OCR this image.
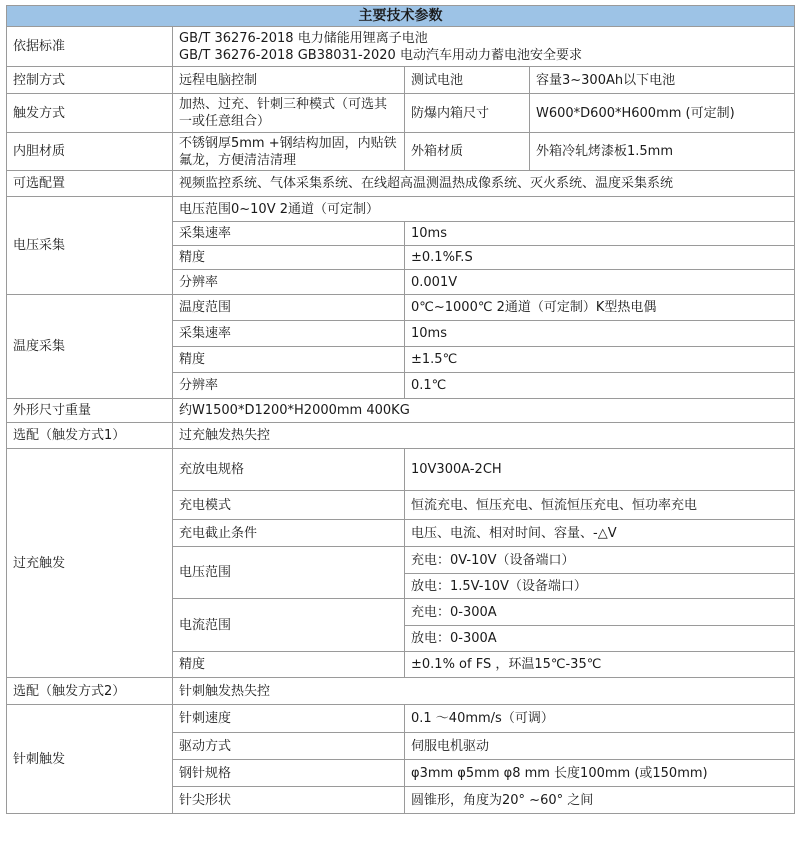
主要技术参数			
依据标准	GB/T 36276-2018 电力储能用锂离子电池
GB/T 36276-2018 GB38031-2020 电动汽车用动力蓄电池安全要求		

控制方式	远程电脑控制	测试电池	容量3~300Ah以下电池
触发方式	加热、过充、针刺三种模式（可选其一或任意组合）	防爆内箱尺寸	W600*D600*H600mm (可定制)
内胆材质	不锈钢厚5mm +钢结构加固，内贴铁氟龙，方便清洁清理	外箱材质	外箱冷轧烤漆板1.5mm
可选配置	视频监控系统、气体采集系统、在线超高温测温热成像系统、灭火系统、温度采集系统		
电压采集	电压范围0~10V 2通道（可定制）		
	采集速率	10ms	
	精度	±0.1%F.S	
	分辨率	0.001V	
温度采集	温度范围	0℃~1000℃ 2通道（可定制）K型热电偶	
	采集速率	10ms	
	精度	±1.5℃	
	分辨率	0.1℃	
外形尺寸重量	约W1500*D1200*H2000mm 400KG		
选配（触发方式1）	过充触发热失控		
过充触发	充放电规格	10V300A-2CH	
	充电模式	恒流充电、恒压充电、恒流恒压充电、恒功率充电	
	充电截止条件	电压、电流、相对时间、容量、-△V	
	电压范围	充电：0V-10V（设备端口）	
		放电：1.5V-10V（设备端口）	
	电流范围	充电：0-300A	
		放电：0-300A	
	精度	±0.1% of FS ，环温15℃-35℃	
选配（触发方式2）	针刺触发热失控		
针刺触发	针刺速度	0.1 ～40mm/s（可调）	
	驱动方式	伺服电机驱动	
	钢针规格	φ3mm φ5mm φ8 mm 长度100mm (或150mm)	
	针尖形状	圆锥形，角度为20° ~60° 之间	
